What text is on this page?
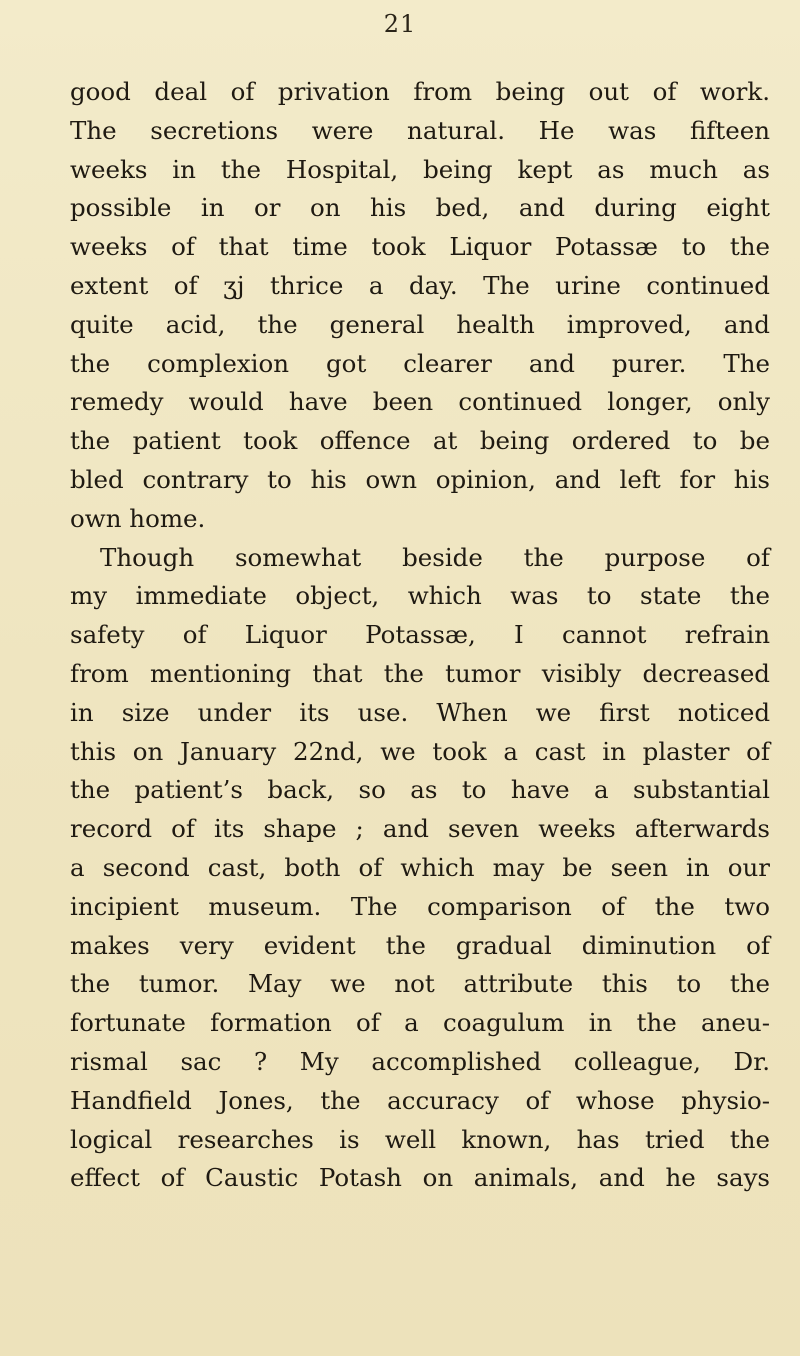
21
good deal of privation from being out of work.
The secretions were natural. He was fifteen
weeks in the Hospital, being kept as much as
possible in or on his bed, and during eight
weeks of that time took Liquor Potassæ to the
extent of ʒj thrice a day. The urine continued
quite acid, the general health improved, and
the complexion got clearer and purer. The
remedy would have been continued longer, only
the patient took offence at being ordered to be
bled contrary to his own opinion, and left for his
own home.
Though somewhat beside the purpose of
my immediate object, which was to state the
safety of Liquor Potassæ, I cannot refrain
from mentioning that the tumor visibly decreased
in size under its use. When we first noticed
this on January 22nd, we took a cast in plaster of
the patient’s back, so as to have a substantial
record of its shape ; and seven weeks afterwards
a second cast, both of which may be seen in our
incipient museum. The comparison of the two
makes very evident the gradual diminution of
the tumor. May we not attribute this to the
fortunate formation of a coagulum in the aneu-
rismal sac ? My accomplished colleague, Dr.
Handfield Jones, the accuracy of whose physio-
logical researches is well known, has tried the
effect of Caustic Potash on animals, and he says
